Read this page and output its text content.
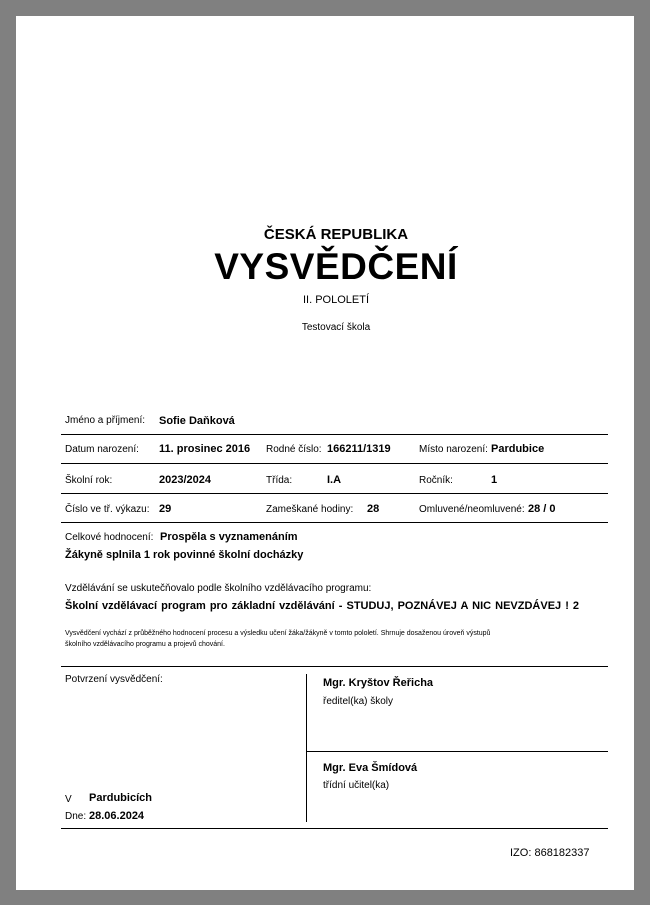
ČESKÁ REPUBLIKA
VYSVĚDČENÍ
II. POLOLETÍ
Testovací škola
Jméno a příjmení: Sofie Daňková
Datum narození: 11. prosinec 2016 Rodné číslo: 166211/1319	Místo narození: Pardubice
Školní rok:	2023/2024	Třída:	I.A	Ročník:	1
Číslo ve tř. výkazu: 29	Zameškané hodiny: 28	Omluvené/neomluvené: 28 / 0
Celkové hodnocení: Prospěla s vyznamenáním
Žákyně splnila 1 rok povinné školní docházky
Vzdělávání se uskutečňovalo podle školního vzdělávacího programu:
Školní vzdělávací program pro základní vzdělávání - STUDUJ, POZNÁVEJ A NIC NEVZDÁVEJ ! 2
Vysvědčení vychází z průběžného hodnocení procesu a výsledku učení žáka/žákyně v tomto pololetí. Shrnuje dosaženou úroveň výstupů
školního vzdělávacího programu a projevů chování.
Potvrzení vysvědčení:	Mgr. Kryštov Řeřicha
ředitel(ka) školy
Mgr. Eva Šmídová
třídní učitel(ka)
V Pardubicích
Dne: 28.06.2024
IZO: 868182337
